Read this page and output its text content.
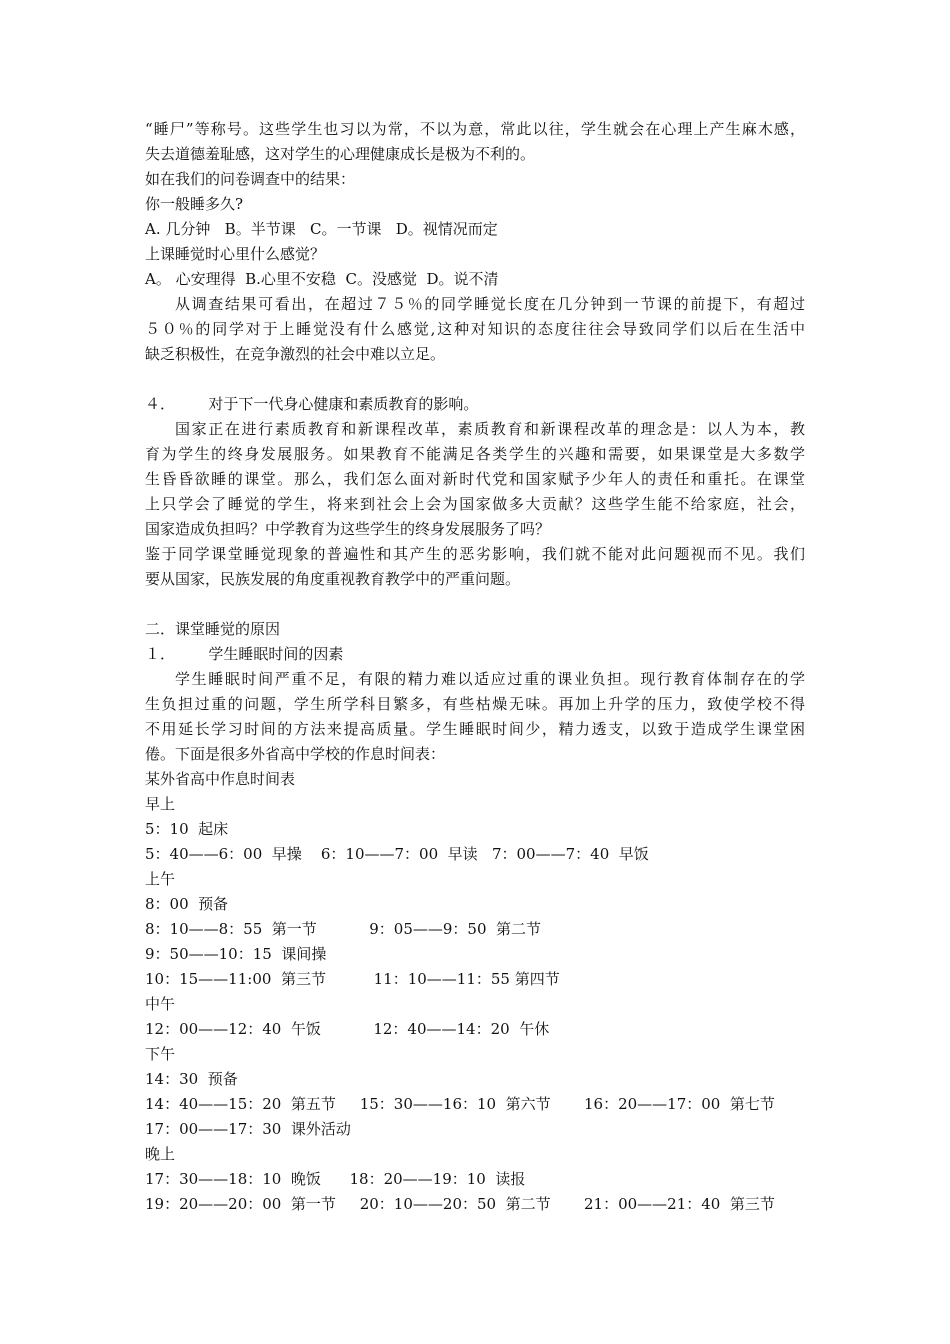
“睡尸”等称号。这些学生也习以为常，不以为意，常此以往，学生就会在心理上产生麻木感，
失去道德羞耻感，这对学生的心理健康成长是极为不利的。
如在我们的问卷调查中的结果：
你一般睡多久?
A. 几分钟   B。半节课   C。一节课   D。视情况而定
上课睡觉时心里什么感觉？
A。 心安理得  B.心里不安稳  C。没感觉  D。说不清
从调查结果可看出，在超过７５％的同学睡觉长度在几分钟到一节课的前提下，有超过
５０％的同学对于上睡觉没有什么感觉,这种对知识的态度往往会导致同学们以后在生活中
缺乏积极性，在竞争激烈的社会中难以立足。
４．       对于下一代身心健康和素质教育的影响。
国家正在进行素质教育和新课程改革，素质教育和新课程改革的理念是：以人为本，教
育为学生的终身发展服务。如果教育不能满足各类学生的兴趣和需要，如果课堂是大多数学
生昏昏欲睡的课堂。那么，我们怎么面对新时代党和国家赋予少年人的责任和重托。在课堂
上只学会了睡觉的学生，将来到社会上会为国家做多大贡献？这些学生能不给家庭，社会，
国家造成负担吗？中学教育为这些学生的终身发展服务了吗？
鉴于同学课堂睡觉现象的普遍性和其产生的恶劣影响，我们就不能对此问题视而不见。我们
要从国家，民族发展的角度重视教育教学中的严重问题。
二．课堂睡觉的原因
１．       学生睡眠时间的因素
学生睡眠时间严重不足，有限的精力难以适应过重的课业负担。现行教育体制存在的学
生负担过重的问题，学生所学科目繁多，有些枯燥无味。再加上升学的压力，致使学校不得
不用延长学习时间的方法来提高质量。学生睡眠时间少，精力透支，以致于造成学生课堂困
倦。下面是很多外省高中学校的作息时间表：
某外省高中作息时间表
早上
5：10  起床
5：40——6：00  早操    6：10——7：00  早读   7：00——7：40  早饭
上午
8：00  预备
8：10——8：55  第一节           9：05——9：50  第二节
9：50——10：15  课间操
10：15——11:00  第三节          11：10——11：55 第四节
中午
12：00——12：40  午饭           12：40——14：20  午休
下午
14：30  预备
14：40——15：20  第五节     15：30——16：10  第六节       16：20——17：00  第七节
17：00——17：30  课外活动
晚上
17：30——18：10  晚饭      18：20——19：10  读报
19：20——20：00  第一节     20：10——20：50  第二节       21：00——21：40  第三节
